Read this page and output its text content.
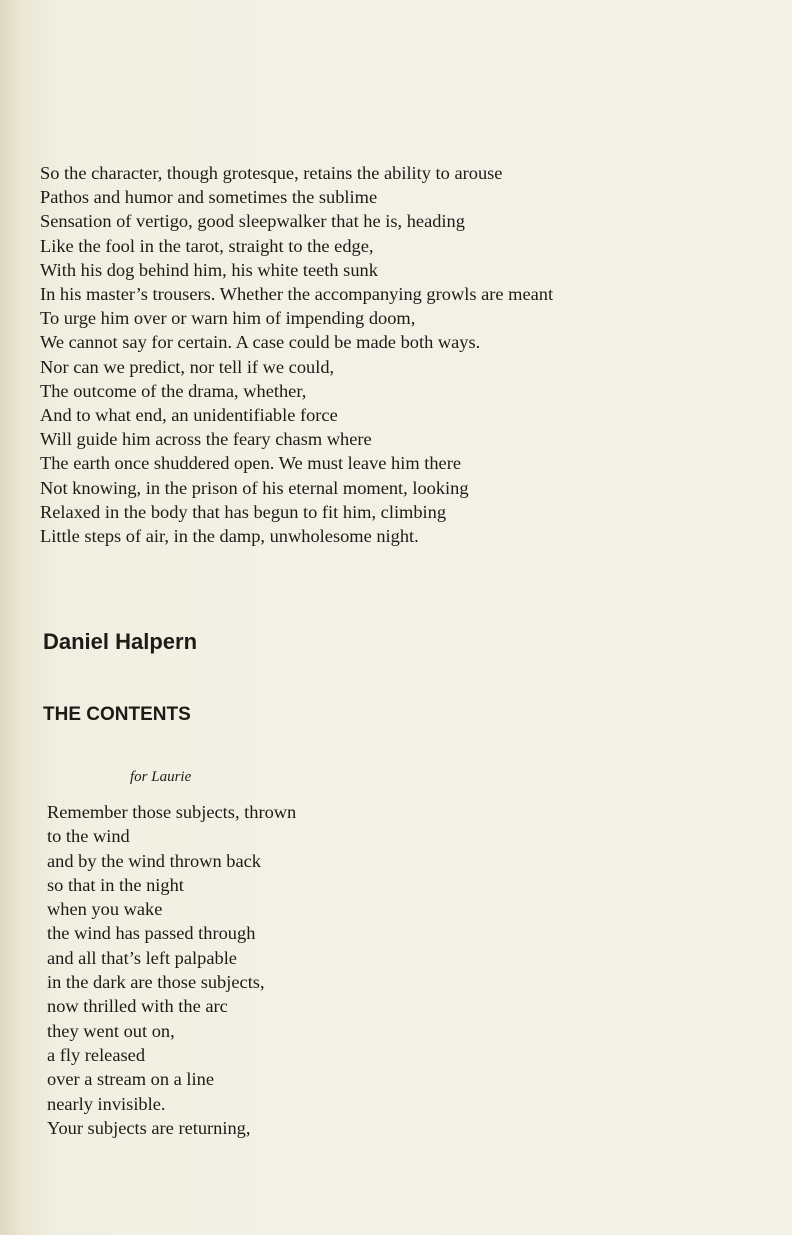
So the character, though grotesque, retains the ability to arouse
Pathos and humor and sometimes the sublime
Sensation of vertigo, good sleepwalker that he is, heading
Like the fool in the tarot, straight to the edge,
With his dog behind him, his white teeth sunk
In his master’s trousers. Whether the accompanying growls are meant
To urge him over or warn him of impending doom,
We cannot say for certain. A case could be made both ways.
Nor can we predict, nor tell if we could,
The outcome of the drama, whether,
And to what end, an unidentifiable force
Will guide him across the feary chasm where
The earth once shuddered open. We must leave him there
Not knowing, in the prison of his eternal moment, looking
Relaxed in the body that has begun to fit him, climbing
Little steps of air, in the damp, unwholesome night.
Daniel Halpern
THE CONTENTS
for Laurie
Remember those subjects, thrown
to the wind
and by the wind thrown back
so that in the night
when you wake
the wind has passed through
and all that’s left palpable
in the dark are those subjects,
now thrilled with the arc
they went out on,
a fly released
over a stream on a line
nearly invisible.
Your subjects are returning,
